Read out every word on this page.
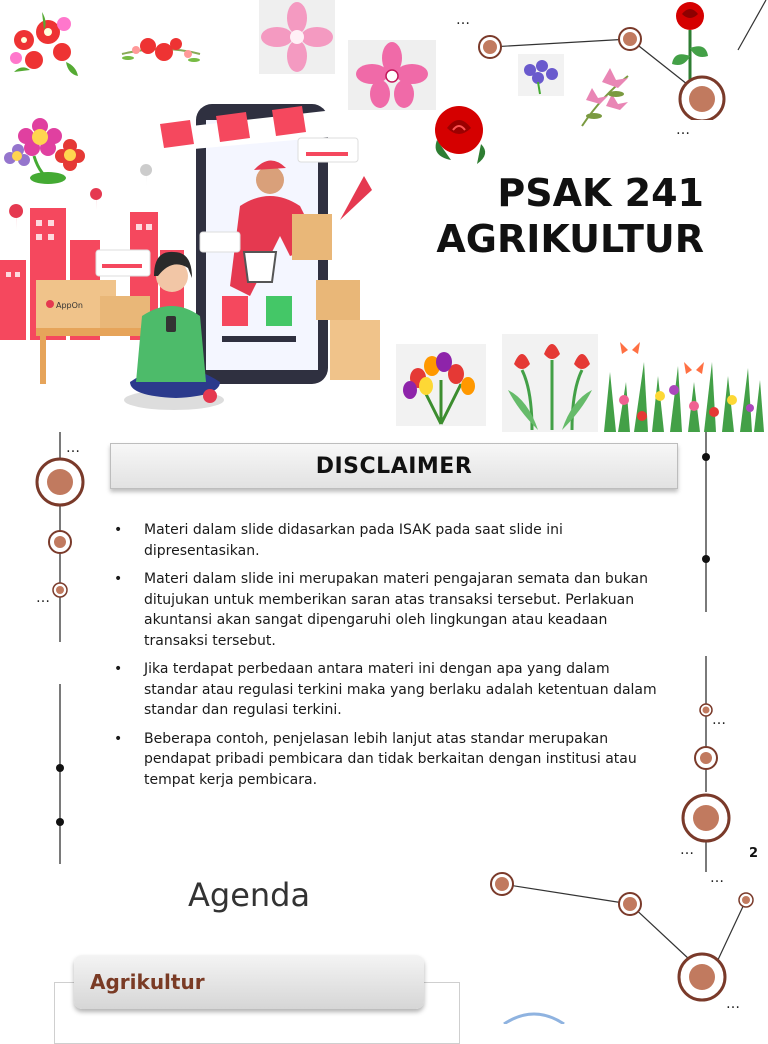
AppOn
…
…
PSAK 241
AGRIKULTUR
…
…
…
…
…
…
DISCLAIMER
• Materi dalam slide didasarkan pada ISAK pada saat slide ini dipresentasikan.
• Materi dalam slide ini merupakan materi pengajaran semata dan bukan ditujukan untuk memberikan saran atas transaksi tersebut. Perlakuan akuntansi akan sangat dipengaruhi oleh lingkungan atau keadaan transaksi tersebut.
• Jika terdapat perbedaan antara materi ini dengan apa yang dalam standar atau regulasi terkini maka yang berlaku adalah ketentuan dalam standar dan regulasi terkini.
• Beberapa contoh, penjelasan lebih lanjut atas standar merupakan pendapat pribadi pembicara dan tidak berkaitan dengan institusi atau tempat kerja pembicara.
2
Agenda
Agrikultur
